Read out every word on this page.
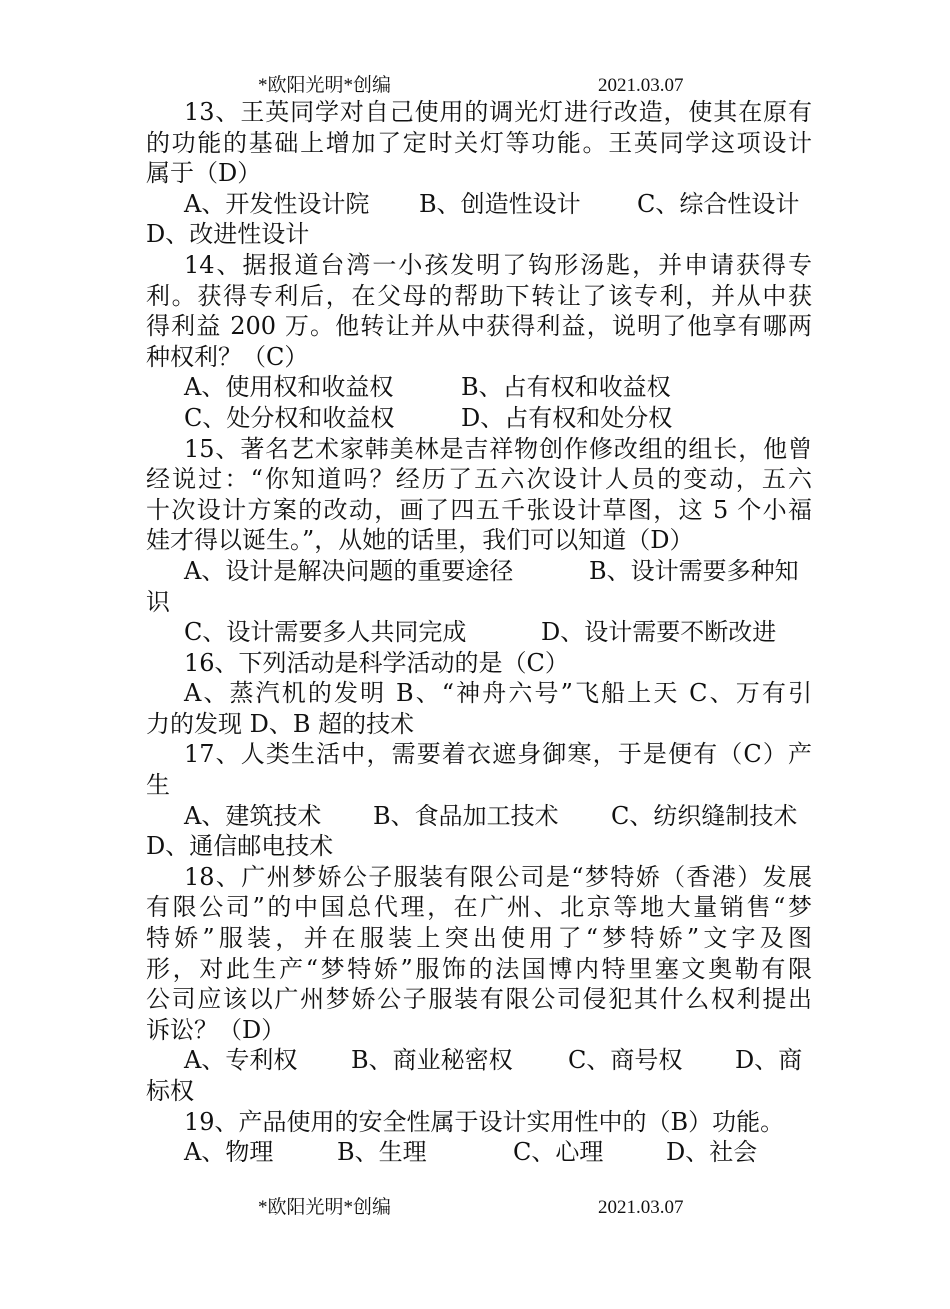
*欧阳光明*创编	2021.03.07
13、王英同学对自己使用的调光灯进行改造，使其在原有
的功能的基础上增加了定时关灯等功能。王英同学这项设计
属于（D）
A、开发性设计院 B、创造性设计 C、综合性设计
D、改进性设计
14、据报道台湾一小孩发明了钩形汤匙，并申请获得专
利。获得专利后，在父母的帮助下转让了该专利，并从中获
得利益 200 万。他转让并从中获得利益，说明了他享有哪两
种权利？（C）
A、使用权和收益权	B、占有权和收益权
C、处分权和收益权	D、占有权和处分权
15、著名艺术家韩美林是吉祥物创作修改组的组长，他曾
经说过：“你知道吗？经历了五六次设计人员的变动，五六
十次设计方案的改动，画了四五千张设计草图，这 5 个小福
娃才得以诞生。”，从她的话里，我们可以知道（D）
A、设计是解决问题的重要途径	B、设计需要多种知
识
C、设计需要多人共同完成	D、设计需要不断改进
16、下列活动是科学活动的是（C）
A、蒸汽机的发明 B、“神舟六号”飞船上天 C、万有引
力的发现 D、B 超的技术
17、人类生活中，需要着衣遮身御寒，于是便有（C）产
生
A、建筑技术 B、食品加工技术 C、纺织缝制技术
D、通信邮电技术
18、广州梦娇公子服装有限公司是“梦特娇（香港）发展
有限公司”的中国总代理，在广州、北京等地大量销售“梦
特娇”服装，并在服装上突出使用了“梦特娇”文字及图
形，对此生产“梦特娇”服饰的法国博内特里塞文奥勒有限
公司应该以广州梦娇公子服装有限公司侵犯其什么权利提出
诉讼？（D）
A、专利权 B、商业秘密权 C、商号权 D、商
标权
19、产品使用的安全性属于设计实用性中的（B）功能。
A、物理	B、生理	C、心理	D、社会
*欧阳光明*创编	2021.03.07
